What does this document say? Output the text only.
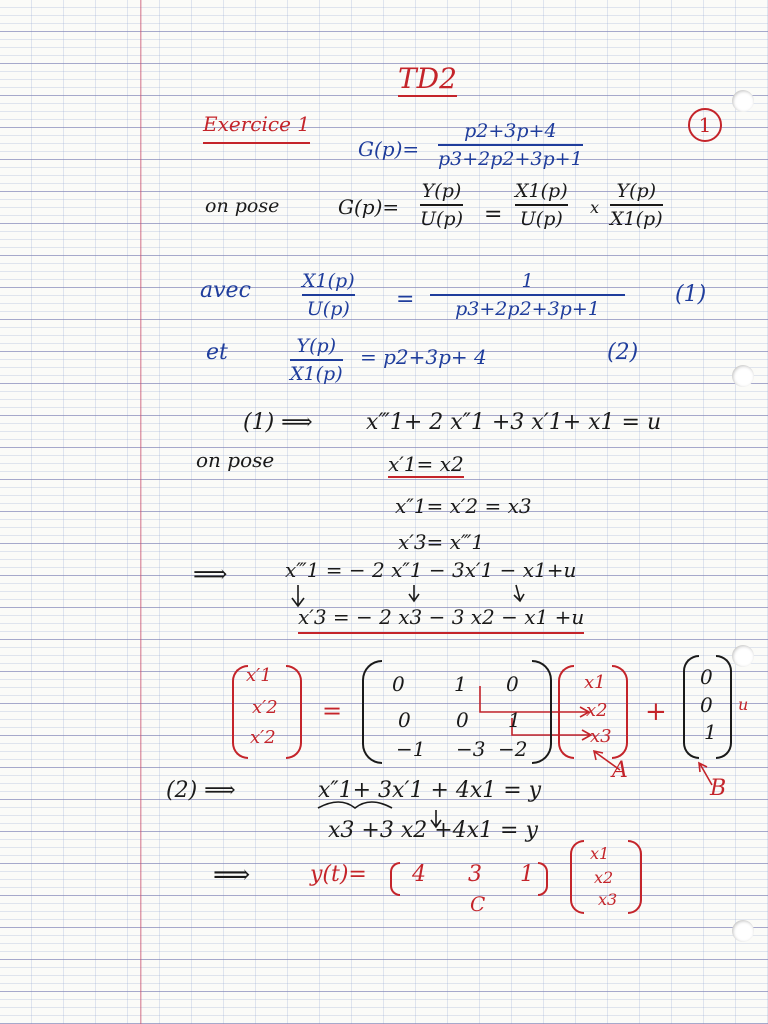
TD2
1
Exercice 1
G(p)=
p2+3p+4
p3+2p2+3p+1
on pose	G(p)=
Y(p)
U(p) =
X1(p)
U(p)
x
Y(p)
X1(p)
avec	X1(p)
U(p) =
1
p3+2p2+3p+1
(1)
et	Y(p)
X1(p)
= p2+3p+ 4	(2)
(1) ⟹ x‴1+ 2 x″1 +3 x′1+ x1 = u
on pose	x′1= x2
x″1= x′2 = x3
x′3= x‴1
⟹	x‴1 = − 2 x″1 − 3x′1 − x1+u
x′3 = − 2 x3 − 3 x2 − x1 +u
x′1
x′2
x′2
=
0 1 0
0 0 1
−1 −3 −2
x1
x2
x3
+
0
0
1
u
A
B
(2) ⟹	x″1+ 3x′1 + 4x1 = y
x3 +3 x2 +4x1 = y
⟹	y(t)= 4 3 1
x1
x2
x3
C
